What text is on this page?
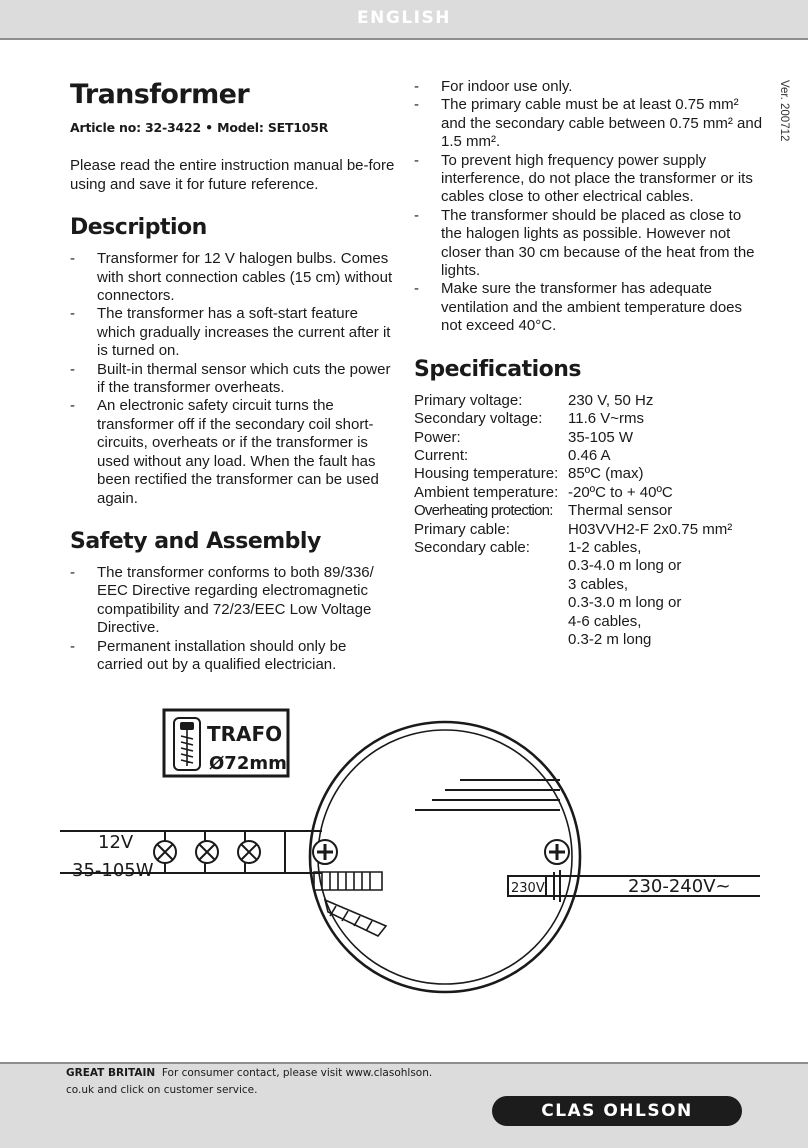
ENGLISH
Ver. 200712
Transformer
Article no: 32-3422 • Model: SET105R

Please read the entire instruction manual be-fore using and save it for future reference.

Description
- Transformer for 12 V halogen bulbs. Comes with short connection cables (15 cm) without connectors.
- The transformer has a soft-start feature which gradually increases the current after it is turned on.
- Built-in thermal sensor which cuts the power if the transformer overheats.
- An electronic safety circuit turns the transformer off if the secondary coil short-circuits, overheats or if the transformer is used without any load. When the fault has been rectified the transformer can be used again.
Safety and Assembly
- The transformer conforms to both 89/336/ EEC Directive regarding electromagnetic compatibility and 72/23/EEC Low Voltage Directive.
- Permanent installation should only be carried out by a qualified electrician.
- For indoor use only.
- The primary cable must be at least 0.75 mm² and the secondary cable between 0.75 mm² and 1.5 mm².
- To prevent high frequency power supply interference, do not place the transformer or its cables close to other electrical cables.
- The transformer should be placed as close to the halogen lights as possible. However not closer than 30 cm because of the heat from the lights.
- Make sure the transformer has adequate ventilation and the ambient temperature does not exceed 40°C.
Specifications
Primary voltage:	230 V, 50 Hz
Secondary voltage:	11.6 V~rms
Power:	35-105 W
Current:	0.46 A
Housing temperature:	85ºC (max)
Ambient temperature:	-20ºC to + 40ºC
Overheating protection:	Thermal sensor
Primary cable:	H03VVH2-F 2x0.75 mm²
Secondary cable:	1-2 cables,
	0.3-4.0 m long or
	3 cables,
	0.3-3.0 m long or
	4-6 cables,
	0.3-2 m long
TRAFO
Ø72mm
12V
35-105W
230V	230-240V~
GREAT BRITAIN For consumer contact, please visit www.clasohlson. co.uk and click on customer service.
CLAS OHLSON
